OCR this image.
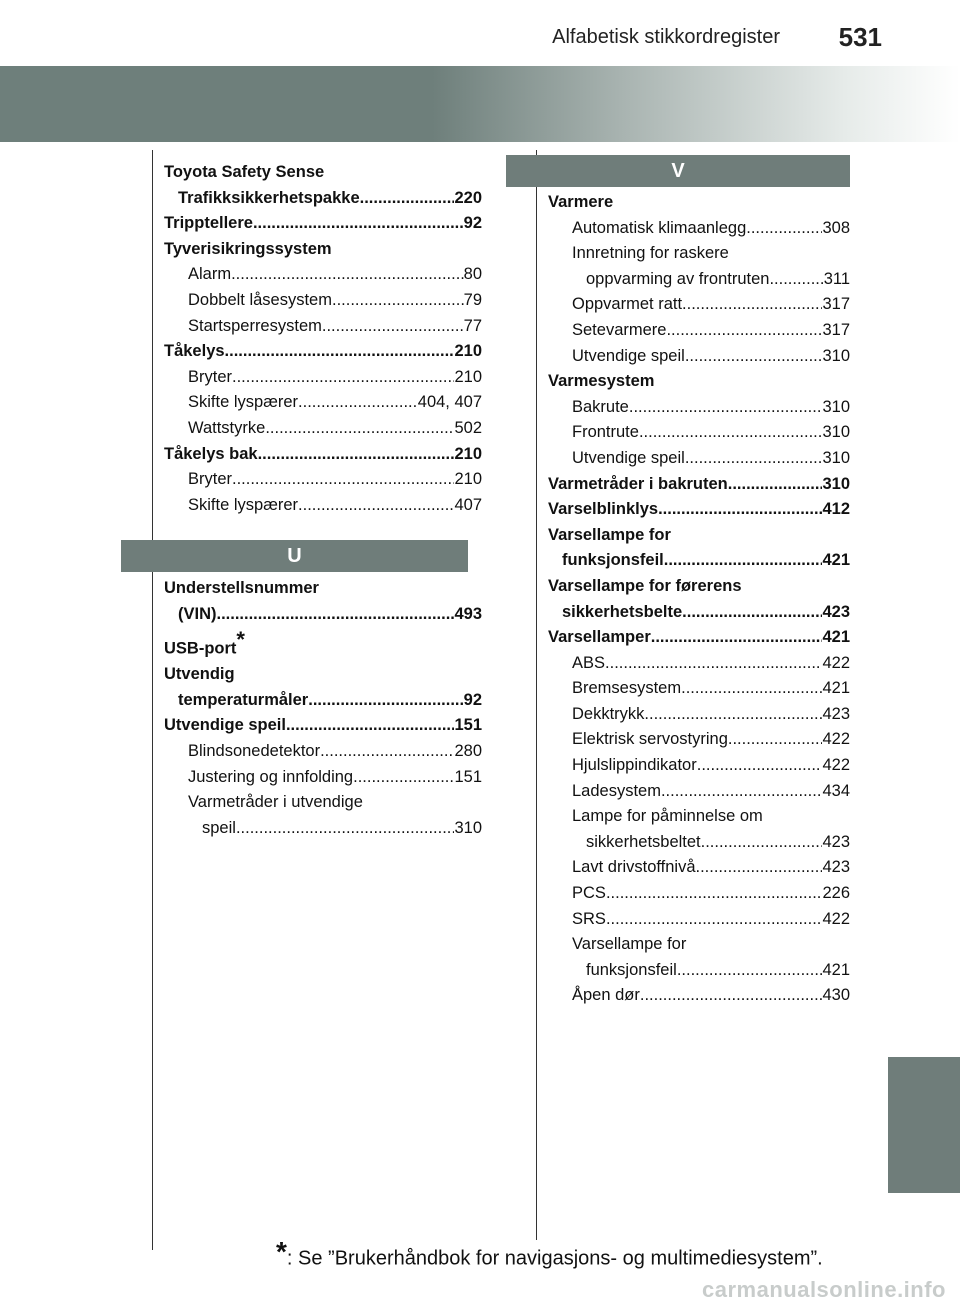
Alfabetisk stikkordregister 531
Toyota Safety Sense
Trafikksikkerhetspakke .....	220
Tripptellere .....	92
Tyverisikringssystem
Alarm .....	80
Dobbelt låsesystem .....	79
Startsperresystem .....	77
Tåkelys .....	210
Bryter .....	210
Skifte lyspærer .....	404, 407
Wattstyrke .....	502
Tåkelys bak .....	210
Bryter .....	210
Skifte lyspærer .....	407
U
Understellsnummer
(VIN) .....	493
USB-port*
Utvendig
temperaturmåler .....	92
Utvendige speil .....	151
Blindsonedetektor .....	280
Justering og innfolding .....	151
Varmetråder i utvendige
speil .....	310
V
Varmere
Automatisk klimaanlegg .....	308
Innretning for raskere
oppvarming av frontruten .....	311
Oppvarmet ratt .....	317
Setevarmere .....	317
Utvendige speil .....	310
Varmesystem
Bakrute .....	310
Frontrute .....	310
Utvendige speil .....	310
Varmetråder i bakruten .....	310
Varselblinklys .....	412
Varsellampe for
funksjonsfeil .....	421
Varsellampe for førerens
sikkerhetsbelte .....	423
Varsellamper .....	421
ABS .....	422
Bremsesystem .....	421
Dekktrykk .....	423
Elektrisk servostyring .....	422
Hjulslippindikator .....	422
Ladesystem .....	434
Lampe for påminnelse om
sikkerhetsbeltet .....	423
Lavt drivstoffnivå .....	423
PCS .....	226
SRS .....	422
Varsellampe for
funksjonsfeil .....	421
Åpen dør .....	430
*: Se ”Brukerhåndbok for navigasjons- og multimediesystem”.
carmanualsonline.info
